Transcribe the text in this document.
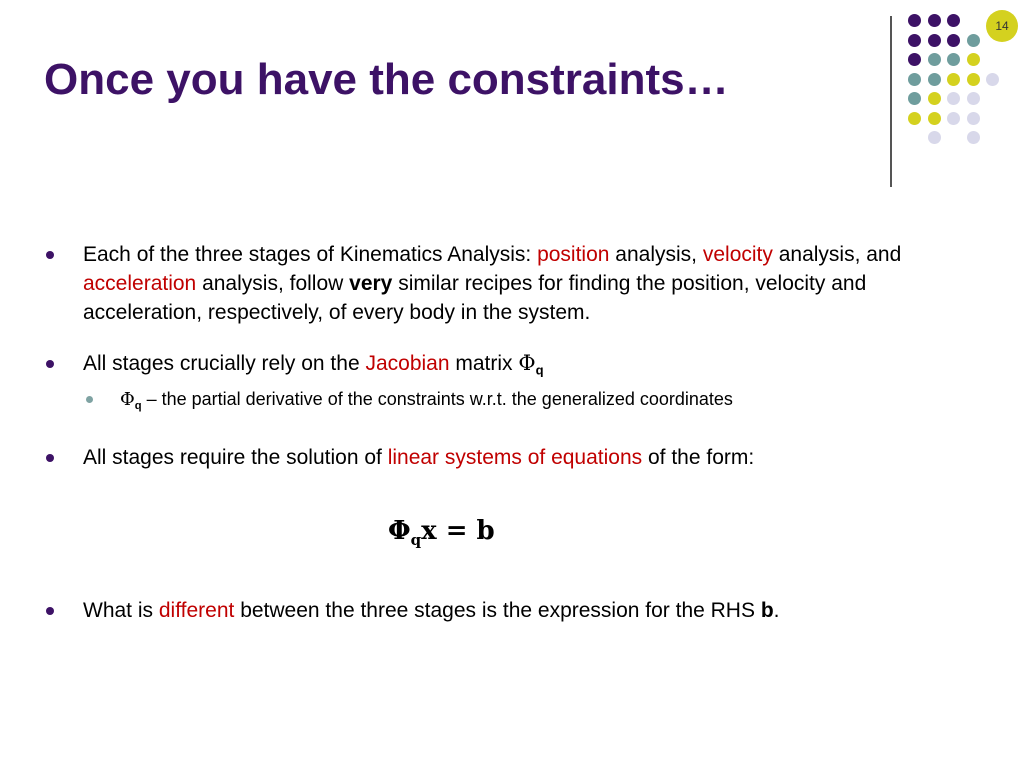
Once you have the constraints…
14
Each of the three stages of Kinematics Analysis: position analysis, velocity analysis, and acceleration analysis, follow very similar recipes for finding the position, velocity and acceleration, respectively, of every body in the system.
All stages crucially rely on the Jacobian matrix $\Phi_q$
$\Phi_q$ – the partial derivative of the constraints w.r.t. the generalized coordinates
All stages require the solution of linear systems of equations of the form:
$\Phi_qx = b$
What is different between the three stages is the expression for the RHS b.
